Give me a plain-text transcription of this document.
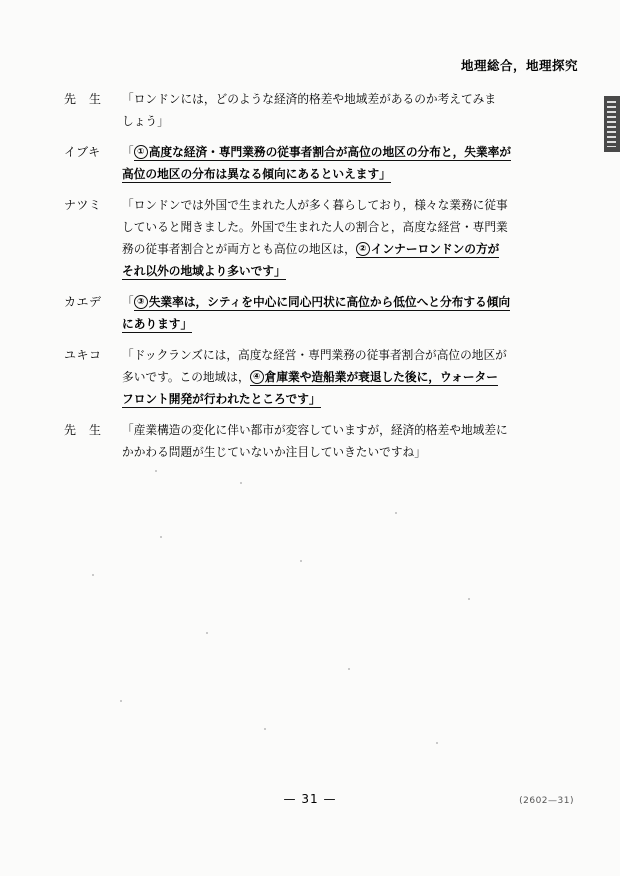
地理総合，地理探究
先　生	「ロンドンには，どのような経済的格差や地域差があるのか考えてみま
しょう」
イブキ	「 ① 高度な経済・専門業務の従事者割合が高位の地区の分布と，失業率が
高位の地区の分布は異なる傾向にあるといえます」
ナツミ	「ロンドンでは外国で生まれた人が多く暮らしており，様々な業務に従事
していると聞きました。外国で生まれた人の割合と，高度な経営・専門業
務の従事者割合とが両方とも高位の地区は， ② インナーロンドンの方が
それ以外の地域より多いです」
カエデ	「 ③ 失業率は，シティを中心に同心円状に高位から低位へと分布する傾向
にあります」
ユキコ	「ドックランズには，高度な経営・専門業務の従事者割合が高位の地区が
多いです。この地域は， ④ 倉庫業や造船業が衰退した後に，ウォーター
フロント開発が行われたところです」
先　生	「産業構造の変化に伴い都市が変容していますが，経済的格差や地域差に
かかわる問題が生じていないか注目していきたいですね」
— 31 —	(2602—31)
